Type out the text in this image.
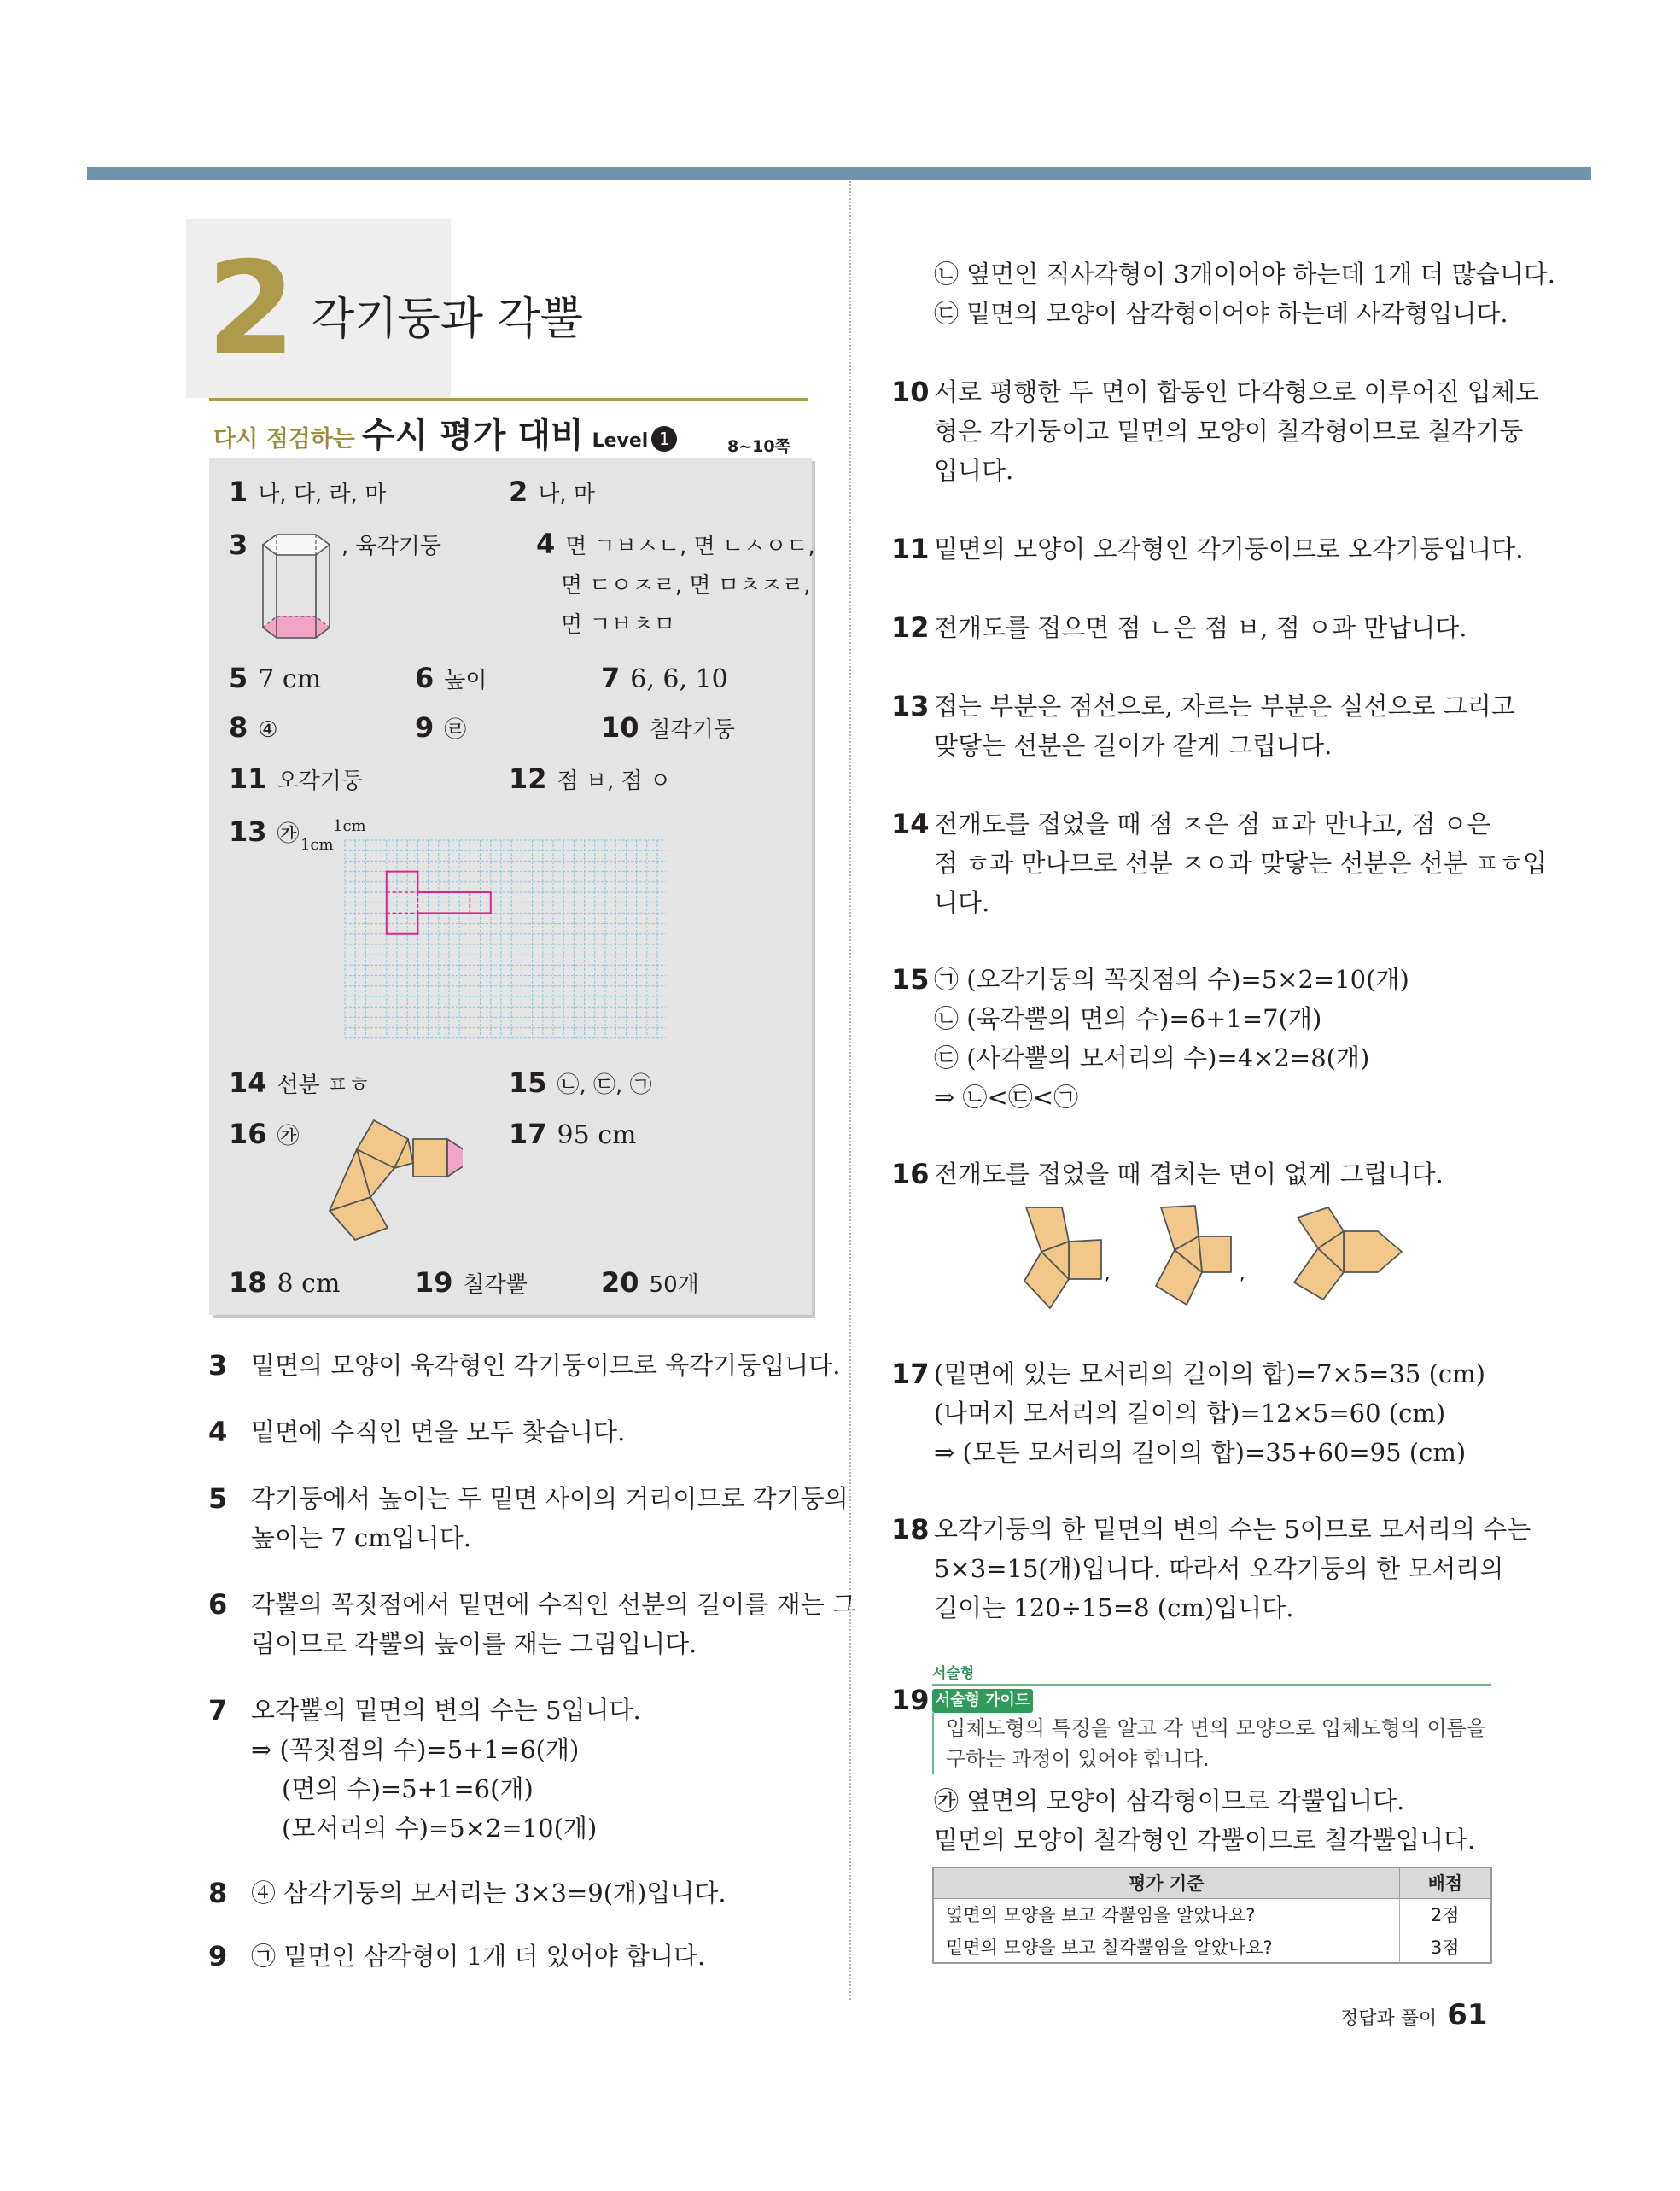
2 각기둥과 각뿔
다시 점검하는 수시 평가 대비 Level 1	8~10쪽
1 나, 다, 라, 마	2 나, 마
3	, 육각기둥	4 면 ㄱㅂㅅㄴ, 면 ㄴㅅㅇㄷ,
면 ㄷㅇㅈㄹ, 면 ㅁㅊㅈㄹ,
면 ㄱㅂㅊㅁ
5 7 cm	6 높이	7 6, 6, 10
8 ④	9 ㉣	10 칠각기둥
11 오각기둥	12 점 ㅂ, 점 ㅇ
13 ㉮ 1cm
1cm
14 선분 ㅍㅎ	15 ㉡, ㉢, ㉠
16 ㉮	17 95 cm
18 8 cm	19 칠각뿔	20 50개
3 밑면의 모양이 육각형인 각기둥이므로 육각기둥입니다.
4 밑면에 수직인 면을 모두 찾습니다.
5 각기둥에서 높이는 두 밑면 사이의 거리이므로 각기둥의
높이는 7 cm입니다.
6 각뿔의 꼭짓점에서 밑면에 수직인 선분의 길이를 재는 그
림이므로 각뿔의 높이를 재는 그림입니다.
7 오각뿔의 밑면의 변의 수는 5입니다.
⇒ (꼭짓점의 수)=5+1=6(개)
(면의 수)=5+1=6(개)
(모서리의 수)=5×2=10(개)
8 ④ 삼각기둥의 모서리는 3×3=9(개)입니다.
9 ㉠ 밑면인 삼각형이 1개 더 있어야 합니다.
㉡ 옆면인 직사각형이 3개이어야 하는데 1개 더 많습니다.
㉢ 밑면의 모양이 삼각형이어야 하는데 사각형입니다.
10 서로 평행한 두 면이 합동인 다각형으로 이루어진 입체도
형은 각기둥이고 밑면의 모양이 칠각형이므로 칠각기둥
입니다.
11 밑면의 모양이 오각형인 각기둥이므로 오각기둥입니다.
12 전개도를 접으면 점 ㄴ은 점 ㅂ, 점 ㅇ과 만납니다.
13 접는 부분은 점선으로, 자르는 부분은 실선으로 그리고
맞닿는 선분은 길이가 같게 그립니다.
14 전개도를 접었을 때 점 ㅈ은 점 ㅍ과 만나고, 점 ㅇ은
점 ㅎ과 만나므로 선분 ㅈㅇ과 맞닿는 선분은 선분 ㅍㅎ입
니다.
15 ㉠ (오각기둥의 꼭짓점의 수)=5×2=10(개)
㉡ (육각뿔의 면의 수)=6+1=7(개)
㉢ (사각뿔의 모서리의 수)=4×2=8(개)
⇒ ㉡<㉢<㉠
16 전개도를 접었을 때 겹치는 면이 없게 그립니다.
,	,
17 (밑면에 있는 모서리의 길이의 합)=7×5=35 (cm)
(나머지 모서리의 길이의 합)=12×5=60 (cm)
⇒ (모든 모서리의 길이의 합)=35+60=95 (cm)
18 오각기둥의 한 밑면의 변의 수는 5이므로 모서리의 수는
5×3=15(개)입니다. 따라서 오각기둥의 한 모서리의
길이는 120÷15=8 (cm)입니다.
서술형
19 서술형 가이드
입체도형의 특징을 알고 각 면의 모양으로 입체도형의 이름을
구하는 과정이 있어야 합니다.
㉮ 옆면의 모양이 삼각형이므로 각뿔입니다.
밑면의 모양이 칠각형인 각뿔이므로 칠각뿔입니다.
평가 기준	배점
옆면의 모양을 보고 각뿔임을 알았나요?	2점
밑면의 모양을 보고 칠각뿔임을 알았나요?	3점
정답과 풀이 61
